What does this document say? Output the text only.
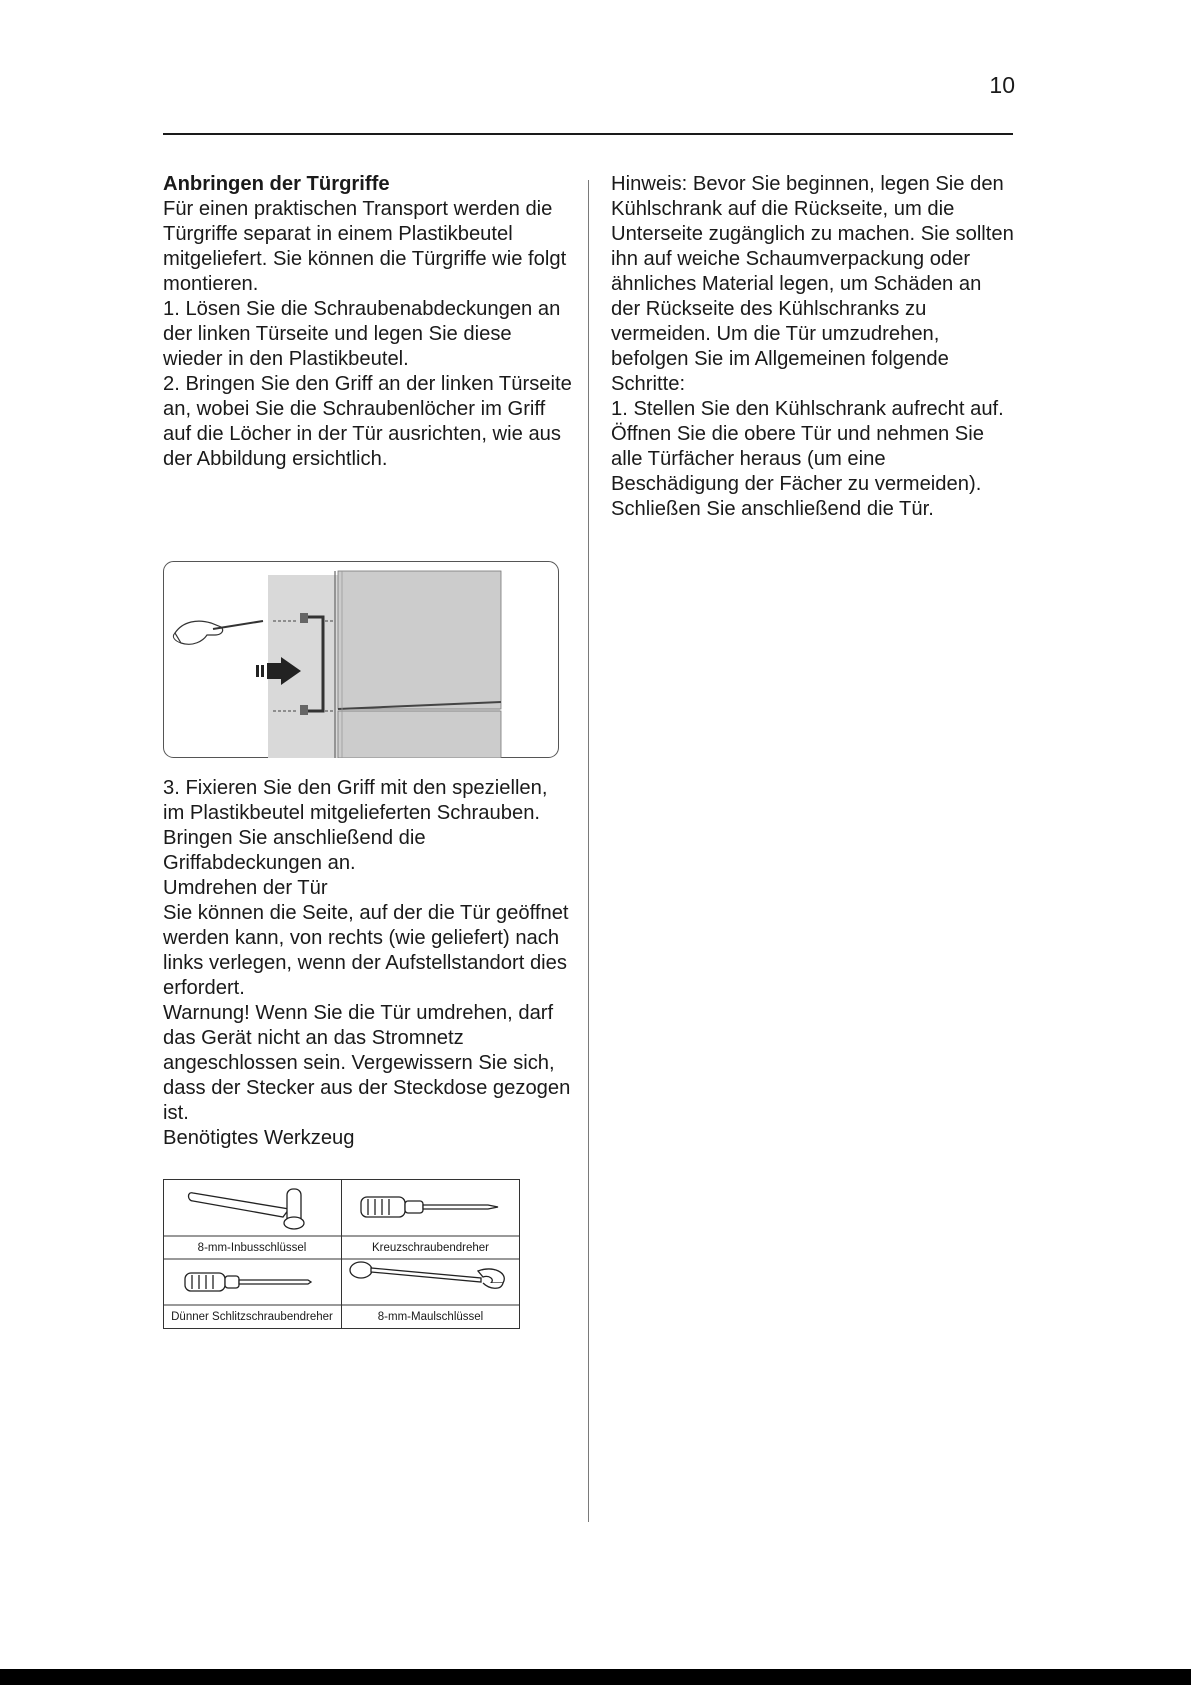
10

Anbringen der Türgriffe

Für einen praktischen Transport werden die Türgriffe separat in einem Plastikbeutel mitgeliefert. Sie können die Türgriffe wie folgt montieren.

1. Lösen Sie die Schraubenabdeckungen an der linken Türseite und legen Sie diese wieder in den Plastikbeutel.

2. Bringen Sie den Griff an der linken Türseite an, wobei Sie die Schraubenlöcher im Griff auf die Löcher in der Tür ausrichten, wie aus der Abbildung ersichtlich.

3. Fixieren Sie den Griff mit den speziellen, im Plastikbeutel mitgelieferten Schrauben. Bringen Sie anschließend die Griffabdeckungen an.

Umdrehen der Tür

Sie können die Seite, auf der die Tür geöffnet werden kann, von rechts (wie geliefert) nach links verlegen, wenn der Aufstellstandort dies erfordert.

Warnung! Wenn Sie die Tür umdrehen, darf das Gerät nicht an das Stromnetz angeschlossen sein. Vergewissern Sie sich, dass der Stecker aus der Steckdose gezogen ist.

Benötigtes Werkzeug

8-mm-Inbusschlüssel	Kreuzschraubendreher
Dünner Schlitzschraubendreher	8-mm-Maulschlüssel

Hinweis: Bevor Sie beginnen, legen Sie den Kühlschrank auf die Rückseite, um die Unterseite zugänglich zu machen. Sie sollten ihn auf weiche Schaumverpackung oder ähnliches Material legen, um Schäden an der Rückseite des Kühlschranks zu vermeiden. Um die Tür umzudrehen, befolgen Sie im Allgemeinen folgende Schritte:

1. Stellen Sie den Kühlschrank aufrecht auf. Öffnen Sie die obere Tür und nehmen Sie alle Türfächer heraus (um eine Beschädigung der Fächer zu vermeiden). Schließen Sie anschließend die Tür.
